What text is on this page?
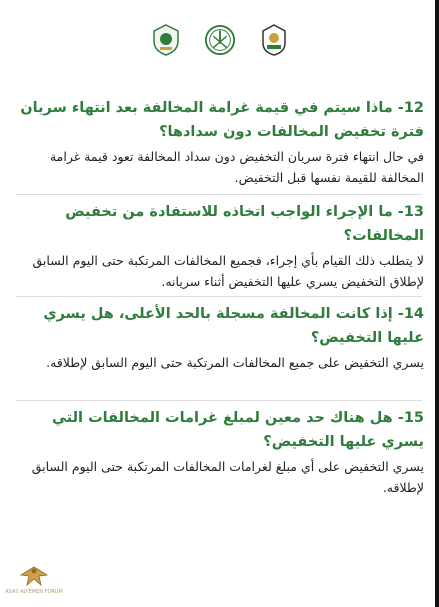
12- ماذا سيتم في قيمة غرامة المخالفة بعد انتهاء سريان فترة تخفيض المخالفات دون سدادها؟

في حال انتهاء فترة سريان التخفيض دون سداد المخالفة تعود قيمة غرامة المخالفة للقيمة نفسها قبل التخفيض.

13- ما الإجراء الواجب اتخاذه للاستفادة من تخفيض المخالفات؟

لا يتطلب ذلك القيام بأي إجراء، فجميع المخالفات المرتكبة حتى اليوم السابق لإطلاق التخفيض يسري عليها التخفيض أثناء سريانه.

14- إذا كانت المخالفة مسجلة بالحد الأعلى، هل يسري عليها التخفيض؟

يسري التخفيض على جميع المخالفات المرتكبة حتى اليوم السابق لإطلاقه.

15- هل هناك حد معين لمبلغ غرامات المخالفات التي يسري عليها التخفيض؟

يسري التخفيض على أي مبلغ لغرامات المخالفات المرتكبة حتى اليوم السابق لإطلاقه.

ASAS ALYEMEN FORUM
